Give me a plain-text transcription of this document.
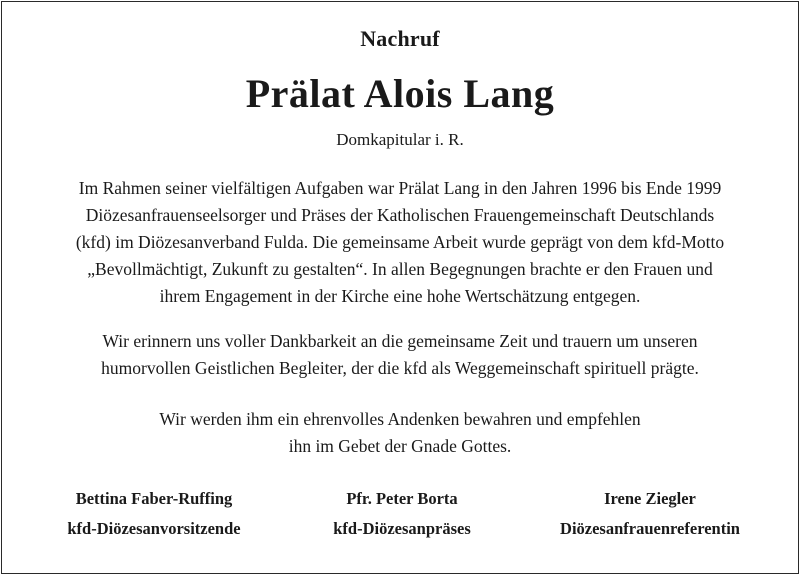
Nachruf
Prälat Alois Lang
Domkapitular i. R.
Im Rahmen seiner vielfältigen Aufgaben war Prälat Lang in den Jahren 1996 bis Ende 1999
Diözesanfrauenseelsorger und Präses der Katholischen Frauengemeinschaft Deutschlands
(kfd) im Diözesanverband Fulda. Die gemeinsame Arbeit wurde geprägt von dem kfd-Motto
„Bevollmächtigt, Zukunft zu gestalten“. In allen Begegnungen brachte er den Frauen und
ihrem Engagement in der Kirche eine hohe Wertschätzung entgegen.
Wir erinnern uns voller Dankbarkeit an die gemeinsame Zeit und trauern um unseren
humorvollen Geistlichen Begleiter, der die kfd als Weggemeinschaft spirituell prägte.
Wir werden ihm ein ehrenvolles Andenken bewahren und empfehlen
ihn im Gebet der Gnade Gottes.
Bettina Faber-Ruffing
kfd-Diözesanvorsitzende
Pfr. Peter Borta
kfd-Diözesanpräses
Irene Ziegler
Diözesanfrauenreferentin
